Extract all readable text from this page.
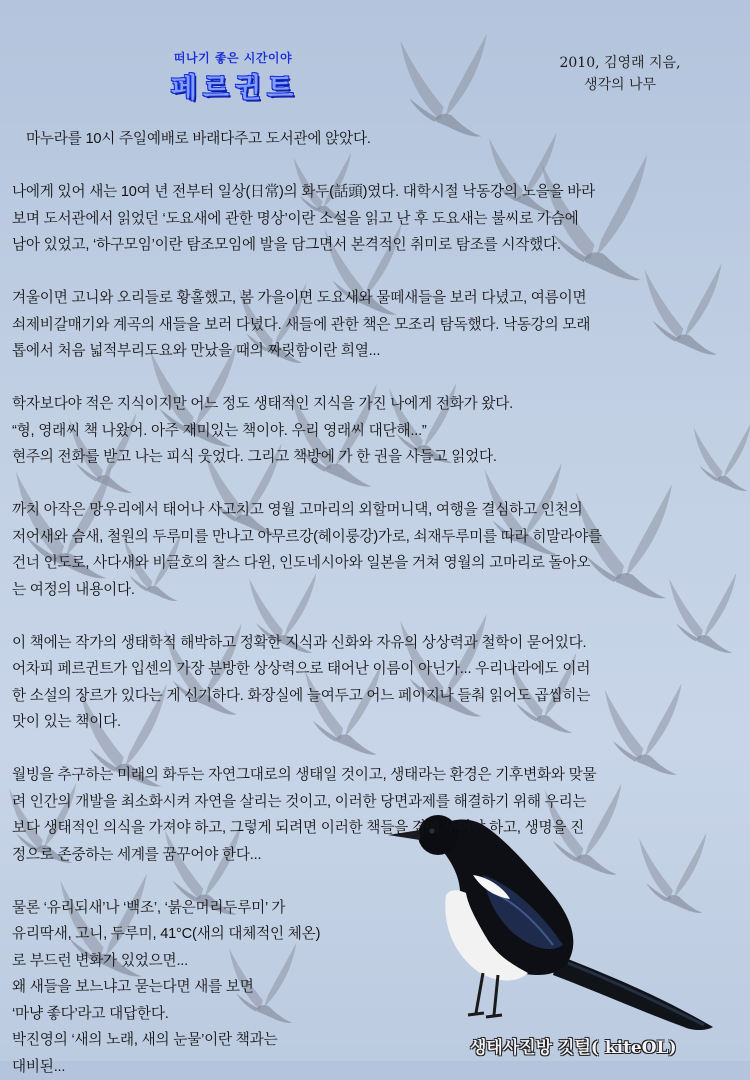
떠나기 좋은 시간이야
페르귄트
2010, 김영래 지음,
생각의 나무

마누라를 10시 주일예배로 바래다주고 도서관에 앉았다.

나에게 있어 새는 10여 년 전부터 일상(日常)의 화두(話頭)였다. 대학시절 낙동강의 노을을 바라

보며 도서관에서 읽었던 ‘도요새에 관한 명상’이란 소설을 읽고 난 후 도요새는 불씨로 가슴에

남아 있었고, ‘하구모임’이란 탐조모임에 발을 담그면서 본격적인 취미로 탐조를 시작했다.

겨울이면 고니와 오리들로 황홀했고, 봄 가을이면 도요새와 물떼새들을 보러 다녔고, 여름이면

쇠제비갈매기와 계곡의 새들을 보러 다녔다. 새들에 관한 책은 모조리 탐독했다. 낙동강의 모래

톱에서 처음 넓적부리도요와 만났을 때의 짜릿함이란 희열...

학자보다야 적은 지식이지만 어느 정도 생태적인 지식을 가진 나에게 전화가 왔다.

“형, 영래씨 책 나왔어. 아주 재미있는 책이야. 우리 영래씨 대단해...”

현주의 전화를 받고 나는 피식 웃었다. 그리고 책방에 가 한 권을 사들고 읽었다.

까치 아작은 망우리에서 태어나 사고치고 영월 고마리의 외할머니댁, 여행을 결심하고 인천의

저어새와 슴새, 철원의 두루미를 만나고 아무르강(헤이룽강)가로, 쇠재두루미를 따라 히말라야를

건너 인도로, 사다새와 비글호의 찰스 다윈, 인도네시아와 일본을 거쳐 영월의 고마리로 돌아오

는 여정의 내용이다.

이 책에는 작가의 생태학적 해박하고 정확한 지식과 신화와 자유의 상상력과 철학이 묻어있다.

어차피 페르귄트가 입센의 가장 분방한 상상력으로 태어난 이름이 아닌가... 우리나라에도 이러

한 소설의 장르가 있다는 게 신기하다. 화장실에 늘여두고 어느 페이지나 들춰 읽어도 곱씹히는

맛이 있는 책이다.

월빙을 추구하는 미래의 화두는 자연그대로의 생태일 것이고, 생태라는 환경은 기후변화와 맞물

려 인간의 개발을 최소화시켜 자연을 살리는 것이고, 이러한 당면과제를 해결하기 위해 우리는

보다 생태적인 의식을 가져야 하고, 그렇게 되려면 이러한 책들을 곁에 두어야 하고, 생명을 진

정으로 존중하는 세계를 꿈꾸어야 한다...

물론 ‘유리되새’나 ‘백조’, ‘붉은머리두루미’ 가

유리딱새, 고니, 두루미, 41°C(새의 대체적인 체온)

로 부드런 변화가 있었으면...

왜 새들을 보느냐고 묻는다면 새를 보면

‘마냥 좋다’라고 대답한다.

박진영의 ‘새의 노래, 새의 눈물’이란 책과는

대비된...

생태사진방 깃털( kiteOL)
